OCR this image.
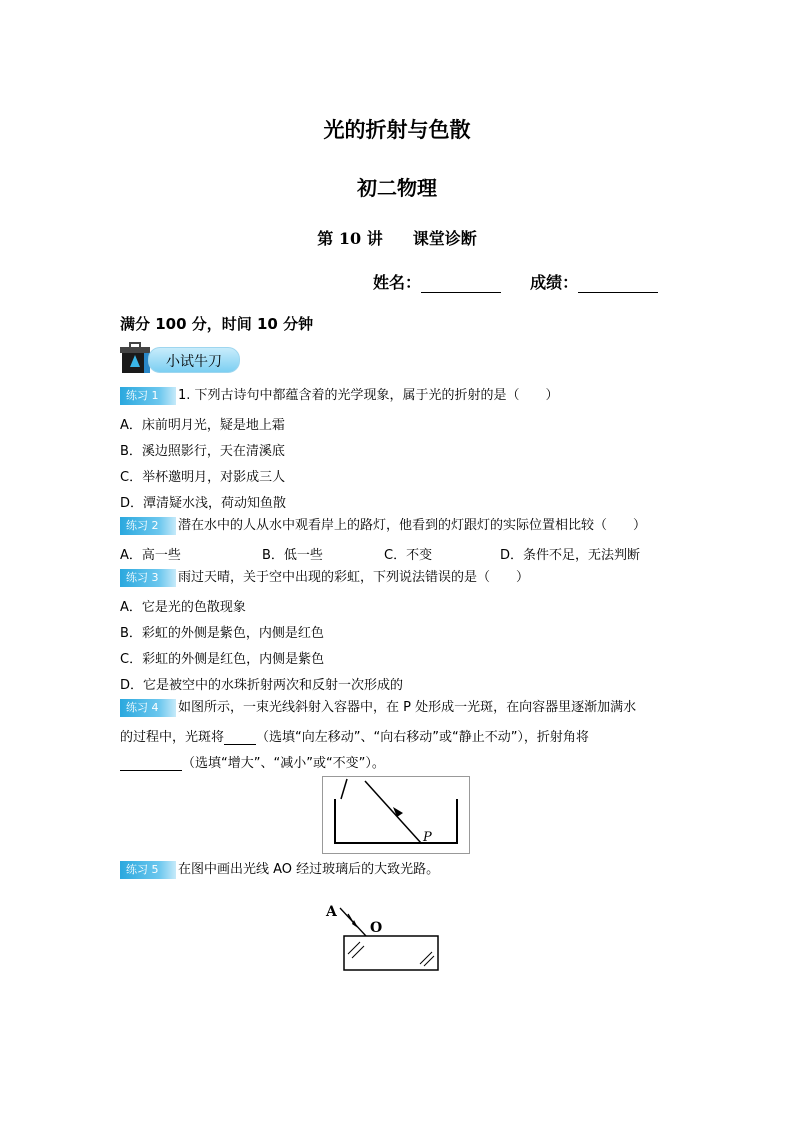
光的折射与色散
初二物理
第 10 讲 课堂诊断
姓名：	成绩：
满分 100 分，时间 10 分钟
小试牛刀
练习 1 1. 下列古诗句中都蕴含着的光学现象，属于光的折射的是（　　）
A．床前明月光，疑是地上霜
B．溪边照影行，天在清溪底
C．举杯邀明月，对影成三人
D．潭清疑水浅，荷动知鱼散
练习 2 潜在水中的人从水中观看岸上的路灯，他看到的灯跟灯的实际位置相比较（　　）
A．高一些	B．低一些	C．不变	D．条件不足，无法判断
练习 3 雨过天晴，关于空中出现的彩虹，下列说法错误的是（　　）
A．它是光的色散现象
B．彩虹的外侧是紫色，内侧是红色
C．彩虹的外侧是红色，内侧是紫色
D．它是被空中的水珠折射两次和反射一次形成的
练习 4 如图所示，一束光线斜射入容器中，在 P 处形成一光斑，在向容器里逐渐加满水
的过程中，光斑将 （选填“向左移动”、“向右移动”或“静止不动”），折射角将
（选填“增大”、“减小”或“不变”）。
P
练习 5 在图中画出光线 AO 经过玻璃后的大致光路。
A
O
